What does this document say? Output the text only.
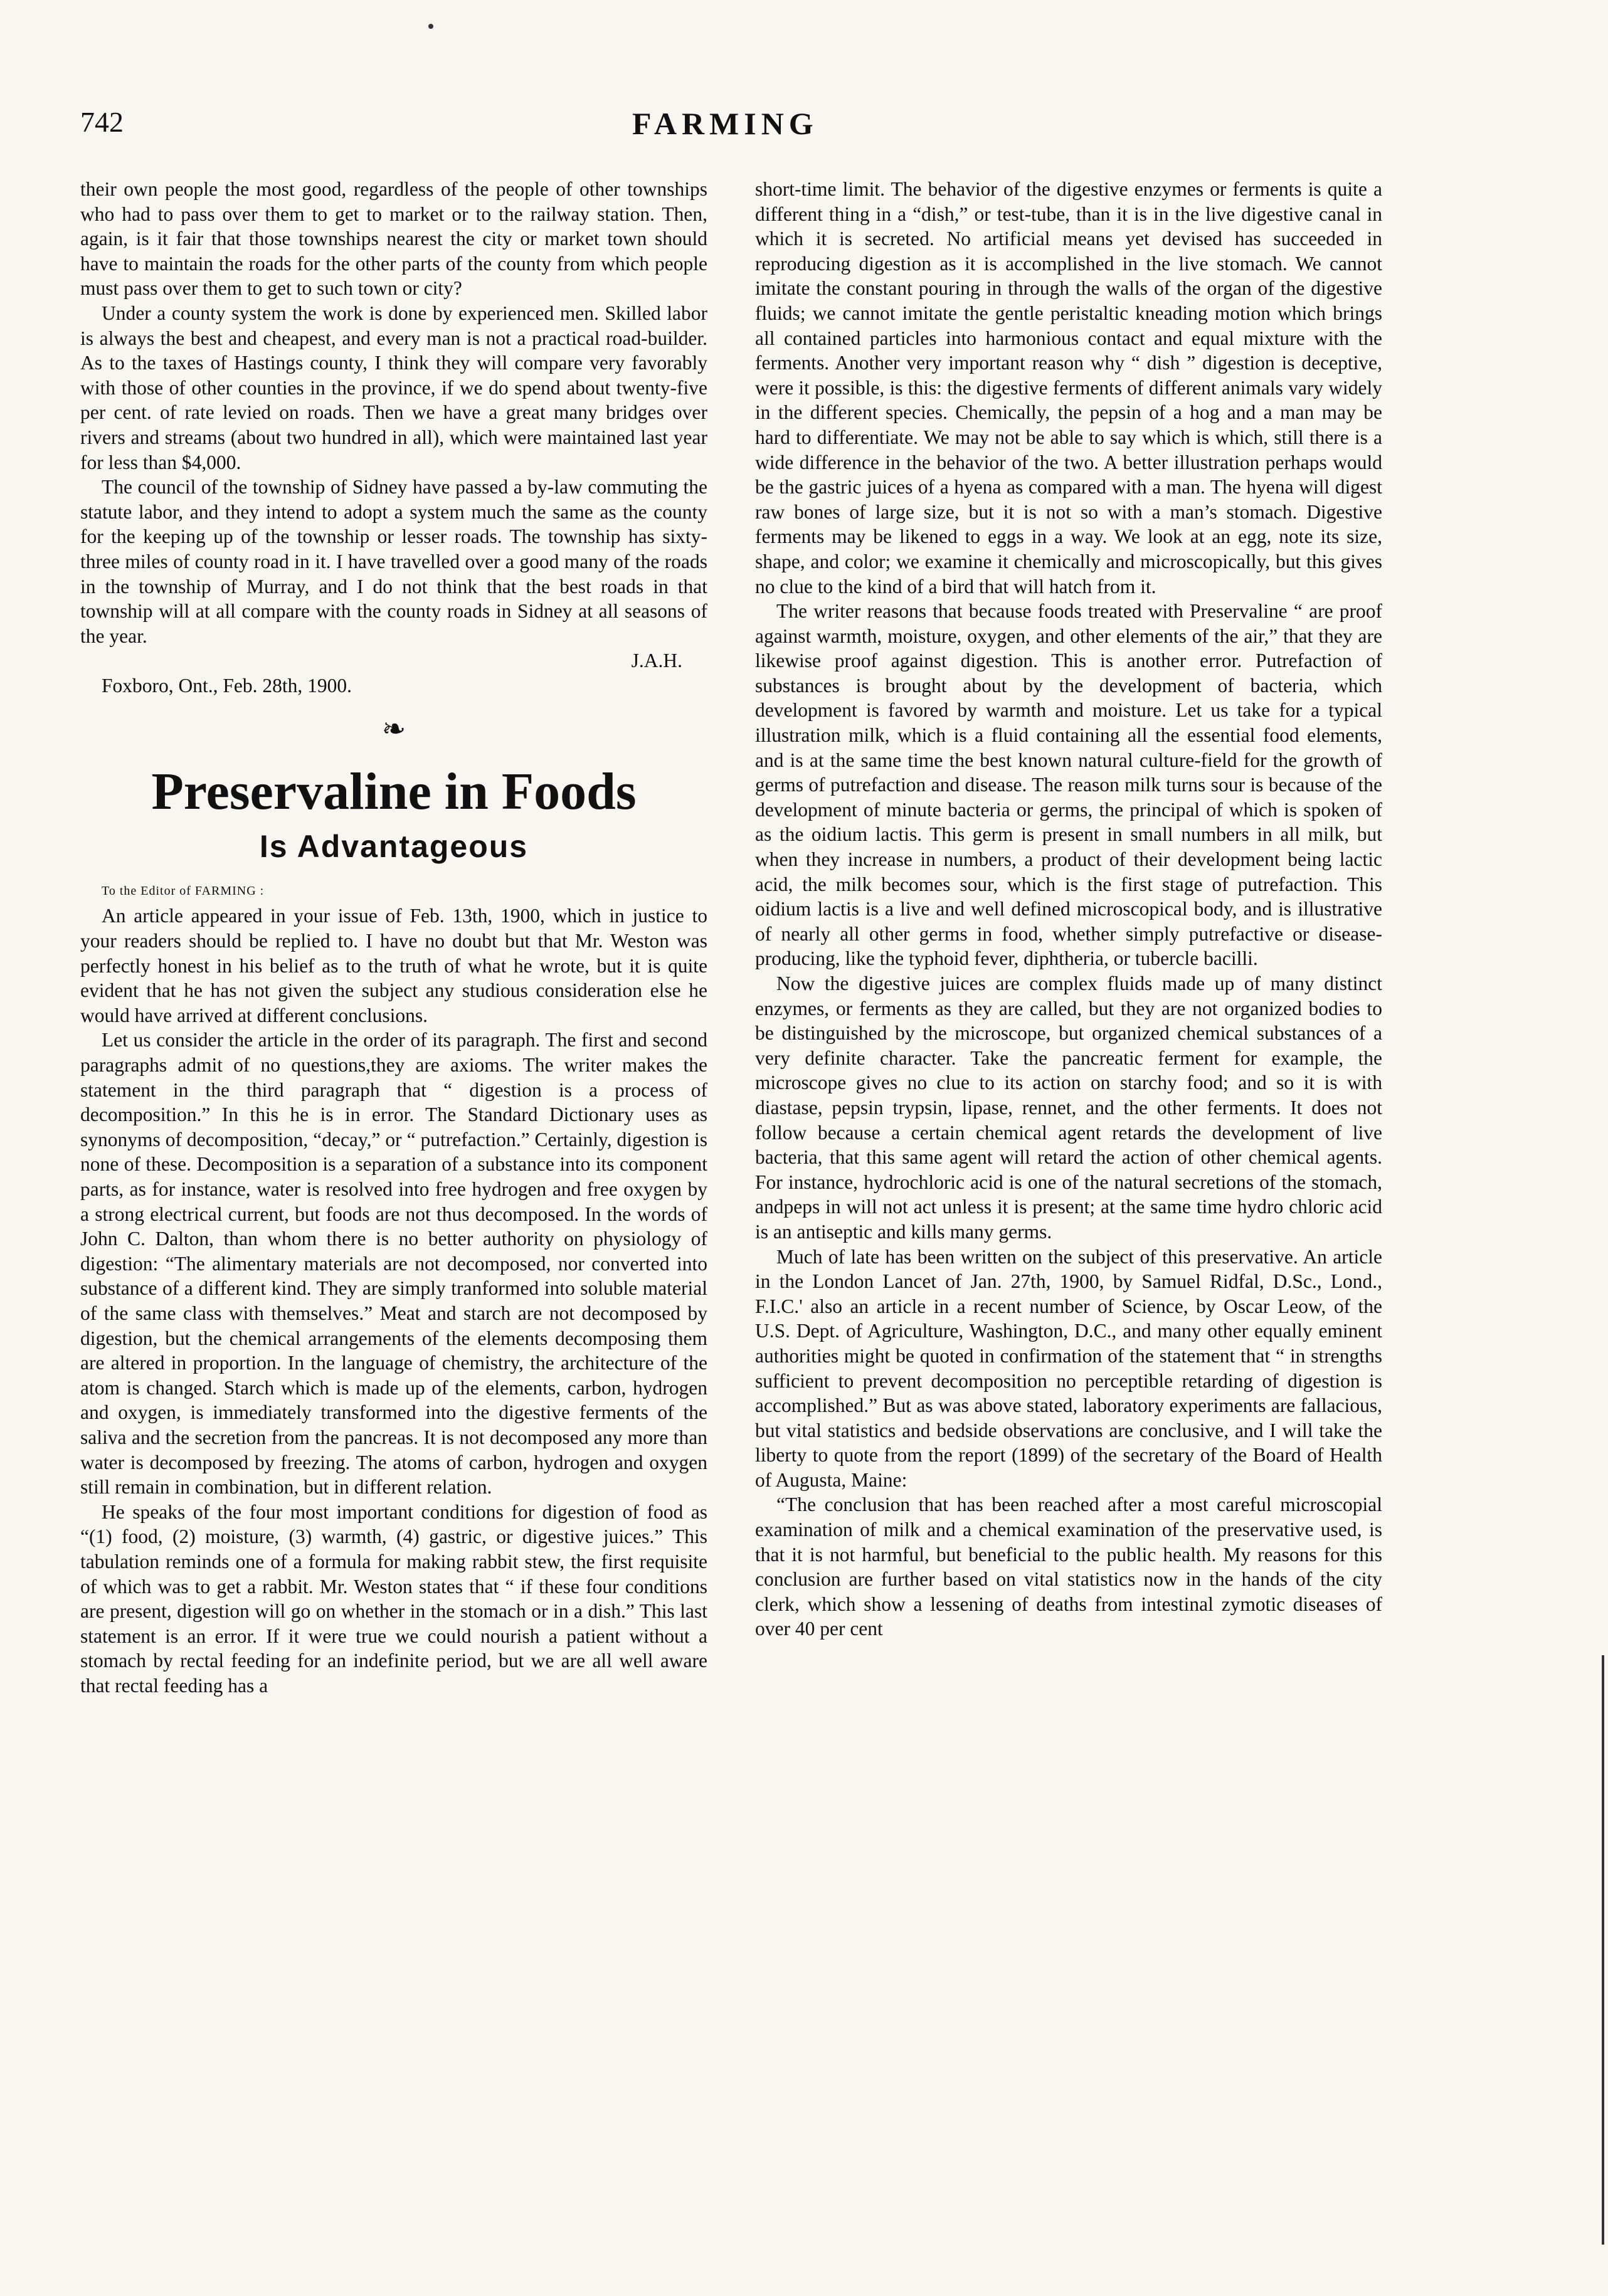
742	FARMING

their own people the most good, regardless of the people of other townships who had to pass over them to get to market or to the railway station. Then, again, is it fair that those townships nearest the city or market town should have to maintain the roads for the other parts of the county from which people must pass over them to get to such town or city?

Under a county system the work is done by experienced men. Skilled labor is always the best and cheapest, and every man is not a practical road-builder. As to the taxes of Hastings county, I think they will compare very favorably with those of other counties in the province, if we do spend about twenty-five per cent. of rate levied on roads. Then we have a great many bridges over rivers and streams (about two hundred in all), which were maintained last year for less than $4,000.

The council of the township of Sidney have passed a by-law commuting the statute labor, and they intend to adopt a system much the same as the county for the keeping up of the township or lesser roads. The township has sixty-three miles of county road in it. I have travelled over a good many of the roads in the township of Murray, and I do not think that the best roads in that township will at all compare with the county roads in Sidney at all seasons of the year.

J.A.H.

Foxboro, Ont., Feb. 28th, 1900.

❧
Preservaline in Foods
Is Advantageous

To the Editor of FARMING :

An article appeared in your issue of Feb. 13th, 1900, which in justice to your readers should be replied to. I have no doubt but that Mr. Weston was perfectly honest in his belief as to the truth of what he wrote, but it is quite evident that he has not given the subject any studious consideration else he would have arrived at different conclusions.

Let us consider the article in the order of its paragraph. The first and second paragraphs admit of no questions,they are axioms. The writer makes the statement in the third paragraph that “ digestion is a process of decomposition.” In this he is in error. The Standard Dictionary uses as synonyms of decomposition, “decay,” or “ putrefaction.” Certainly, digestion is none of these. Decomposition is a separation of a substance into its component parts, as for instance, water is resolved into free hydrogen and free oxygen by a strong electrical current, but foods are not thus decomposed. In the words of John C. Dalton, than whom there is no better authority on physiology of digestion: “The alimentary materials are not decomposed, nor converted into substance of a different kind. They are simply tranformed into soluble material of the same class with themselves.” Meat and starch are not decomposed by digestion, but the chemical arrangements of the elements decomposing them are altered in proportion. In the language of chemistry, the architecture of the atom is changed. Starch which is made up of the elements, carbon, hydrogen and oxygen, is immediately transformed into the digestive ferments of the saliva and the secretion from the pancreas. It is not decomposed any more than water is decomposed by freezing. The atoms of carbon, hydrogen and oxygen still remain in combination, but in different relation.

He speaks of the four most important conditions for digestion of food as “(1) food, (2) moisture, (3) warmth, (4) gastric, or digestive juices.” This tabulation reminds one of a formula for making rabbit stew, the first requisite of which was to get a rabbit. Mr. Weston states that “ if these four conditions are present, digestion will go on whether in the stomach or in a dish.” This last statement is an error. If it were true we could nourish a patient without a stomach by rectal feeding for an indefinite period, but we are all well aware that rectal feeding has a

short-time limit. The behavior of the digestive enzymes or ferments is quite a different thing in a “dish,” or test-tube, than it is in the live digestive canal in which it is secreted. No artificial means yet devised has succeeded in reproducing digestion as it is accomplished in the live stomach. We cannot imitate the constant pouring in through the walls of the organ of the digestive fluids; we cannot imitate the gentle peristaltic kneading motion which brings all contained particles into harmonious contact and equal mixture with the ferments. Another very important reason why “ dish ” digestion is deceptive, were it possible, is this: the digestive ferments of different animals vary widely in the different species. Chemically, the pepsin of a hog and a man may be hard to differentiate. We may not be able to say which is which, still there is a wide difference in the behavior of the two. A better illustration perhaps would be the gastric juices of a hyena as compared with a man. The hyena will digest raw bones of large size, but it is not so with a man’s stomach. Digestive ferments may be likened to eggs in a way. We look at an egg, note its size, shape, and color; we examine it chemically and microscopically, but this gives no clue to the kind of a bird that will hatch from it.

The writer reasons that because foods treated with Preservaline “ are proof against warmth, moisture, oxygen, and other elements of the air,” that they are likewise proof against digestion. This is another error. Putrefaction of substances is brought about by the development of bacteria, which development is favored by warmth and moisture. Let us take for a typical illustration milk, which is a fluid containing all the essential food elements, and is at the same time the best known natural culture-field for the growth of germs of putrefaction and disease. The reason milk turns sour is because of the development of minute bacteria or germs, the principal of which is spoken of as the oidium lactis. This germ is present in small numbers in all milk, but when they increase in numbers, a product of their development being lactic acid, the milk becomes sour, which is the first stage of putrefaction. This oidium lactis is a live and well defined microscopical body, and is illustrative of nearly all other germs in food, whether simply putrefactive or disease-producing, like the typhoid fever, diphtheria, or tubercle bacilli.

Now the digestive juices are complex fluids made up of many distinct enzymes, or ferments as they are called, but they are not organized bodies to be distinguished by the microscope, but organized chemical substances of a very definite character. Take the pancreatic ferment for example, the microscope gives no clue to its action on starchy food; and so it is with diastase, pepsin trypsin, lipase, rennet, and the other ferments. It does not follow because a certain chemical agent retards the development of live bacteria, that this same agent will retard the action of other chemical agents. For instance, hydrochloric acid is one of the natural secretions of the stomach, andpeps in will not act unless it is present; at the same time hydro chloric acid is an antiseptic and kills many germs.

Much of late has been written on the subject of this preservative. An article in the London Lancet of Jan. 27th, 1900, by Samuel Ridfal, D.Sc., Lond., F.I.C.' also an article in a recent number of Science, by Oscar Leow, of the U.S. Dept. of Agriculture, Washington, D.C., and many other equally eminent authorities might be quoted in confirmation of the statement that “ in strengths sufficient to prevent decomposition no perceptible retarding of digestion is accomplished.” But as was above stated, laboratory experiments are fallacious, but vital statistics and bedside observations are conclusive, and I will take the liberty to quote from the report (1899) of the secretary of the Board of Health of Augusta, Maine:

“The conclusion that has been reached after a most careful microscopial examination of milk and a chemical examination of the preservative used, is that it is not harmful, but beneficial to the public health. My reasons for this conclusion are further based on vital statistics now in the hands of the city clerk, which show a lessening of deaths from intestinal zymotic diseases of over 40 per cent
